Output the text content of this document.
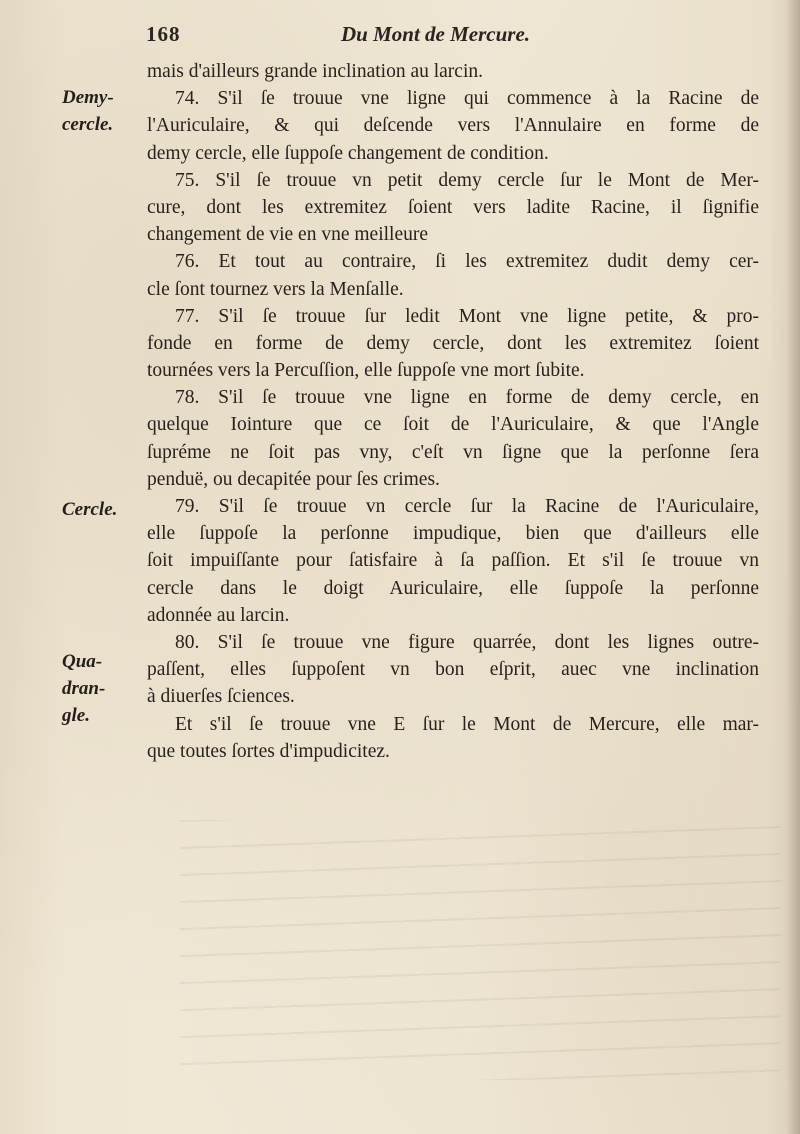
168	Du Mont de Mercure.
Demy-
cercle.
Cercle.
Qua-
dran-
gle.
mais d'ailleurs grande inclination au larcin.
74. S'il ſe trouue vne ligne qui commence à la Racine de
l'Auriculaire, & qui deſcende vers l'Annulaire en forme de
demy cercle, elle ſuppoſe changement de condition.
75. S'il ſe trouue vn petit demy cercle ſur le Mont de Mer-
cure, dont les extremitez ſoient vers ladite Racine, il ſignifie
changement de vie en vne meilleure
76. Et tout au contraire, ſi les extremitez dudit demy cer-
cle ſont tournez vers la Menſalle.
77. S'il ſe trouue ſur ledit Mont vne ligne petite, & pro-
fonde en forme de demy cercle, dont les extremitez ſoient
tournées vers la Percuſſion, elle ſuppoſe vne mort ſubite.
78. S'il ſe trouue vne ligne en forme de demy cercle, en
quelque Iointure que ce ſoit de l'Auriculaire, & que l'Angle
ſupréme ne ſoit pas vny, c'eſt vn ſigne que la perſonne ſera
penduë, ou decapitée pour ſes crimes.
79. S'il ſe trouue vn cercle ſur la Racine de l'Auriculaire,
elle ſuppoſe la perſonne impudique, bien que d'ailleurs elle
ſoit impuiſſante pour ſatisfaire à ſa paſſion. Et s'il ſe trouue vn
cercle dans le doigt Auriculaire, elle ſuppoſe la perſonne
adonnée au larcin.
80. S'il ſe trouue vne figure quarrée, dont les lignes outre-
paſſent, elles ſuppoſent vn bon eſprit, auec vne inclination
à diuerſes ſciences.
Et s'il ſe trouue vne E ſur le Mont de Mercure, elle mar-
que toutes ſortes d'impudicitez.
